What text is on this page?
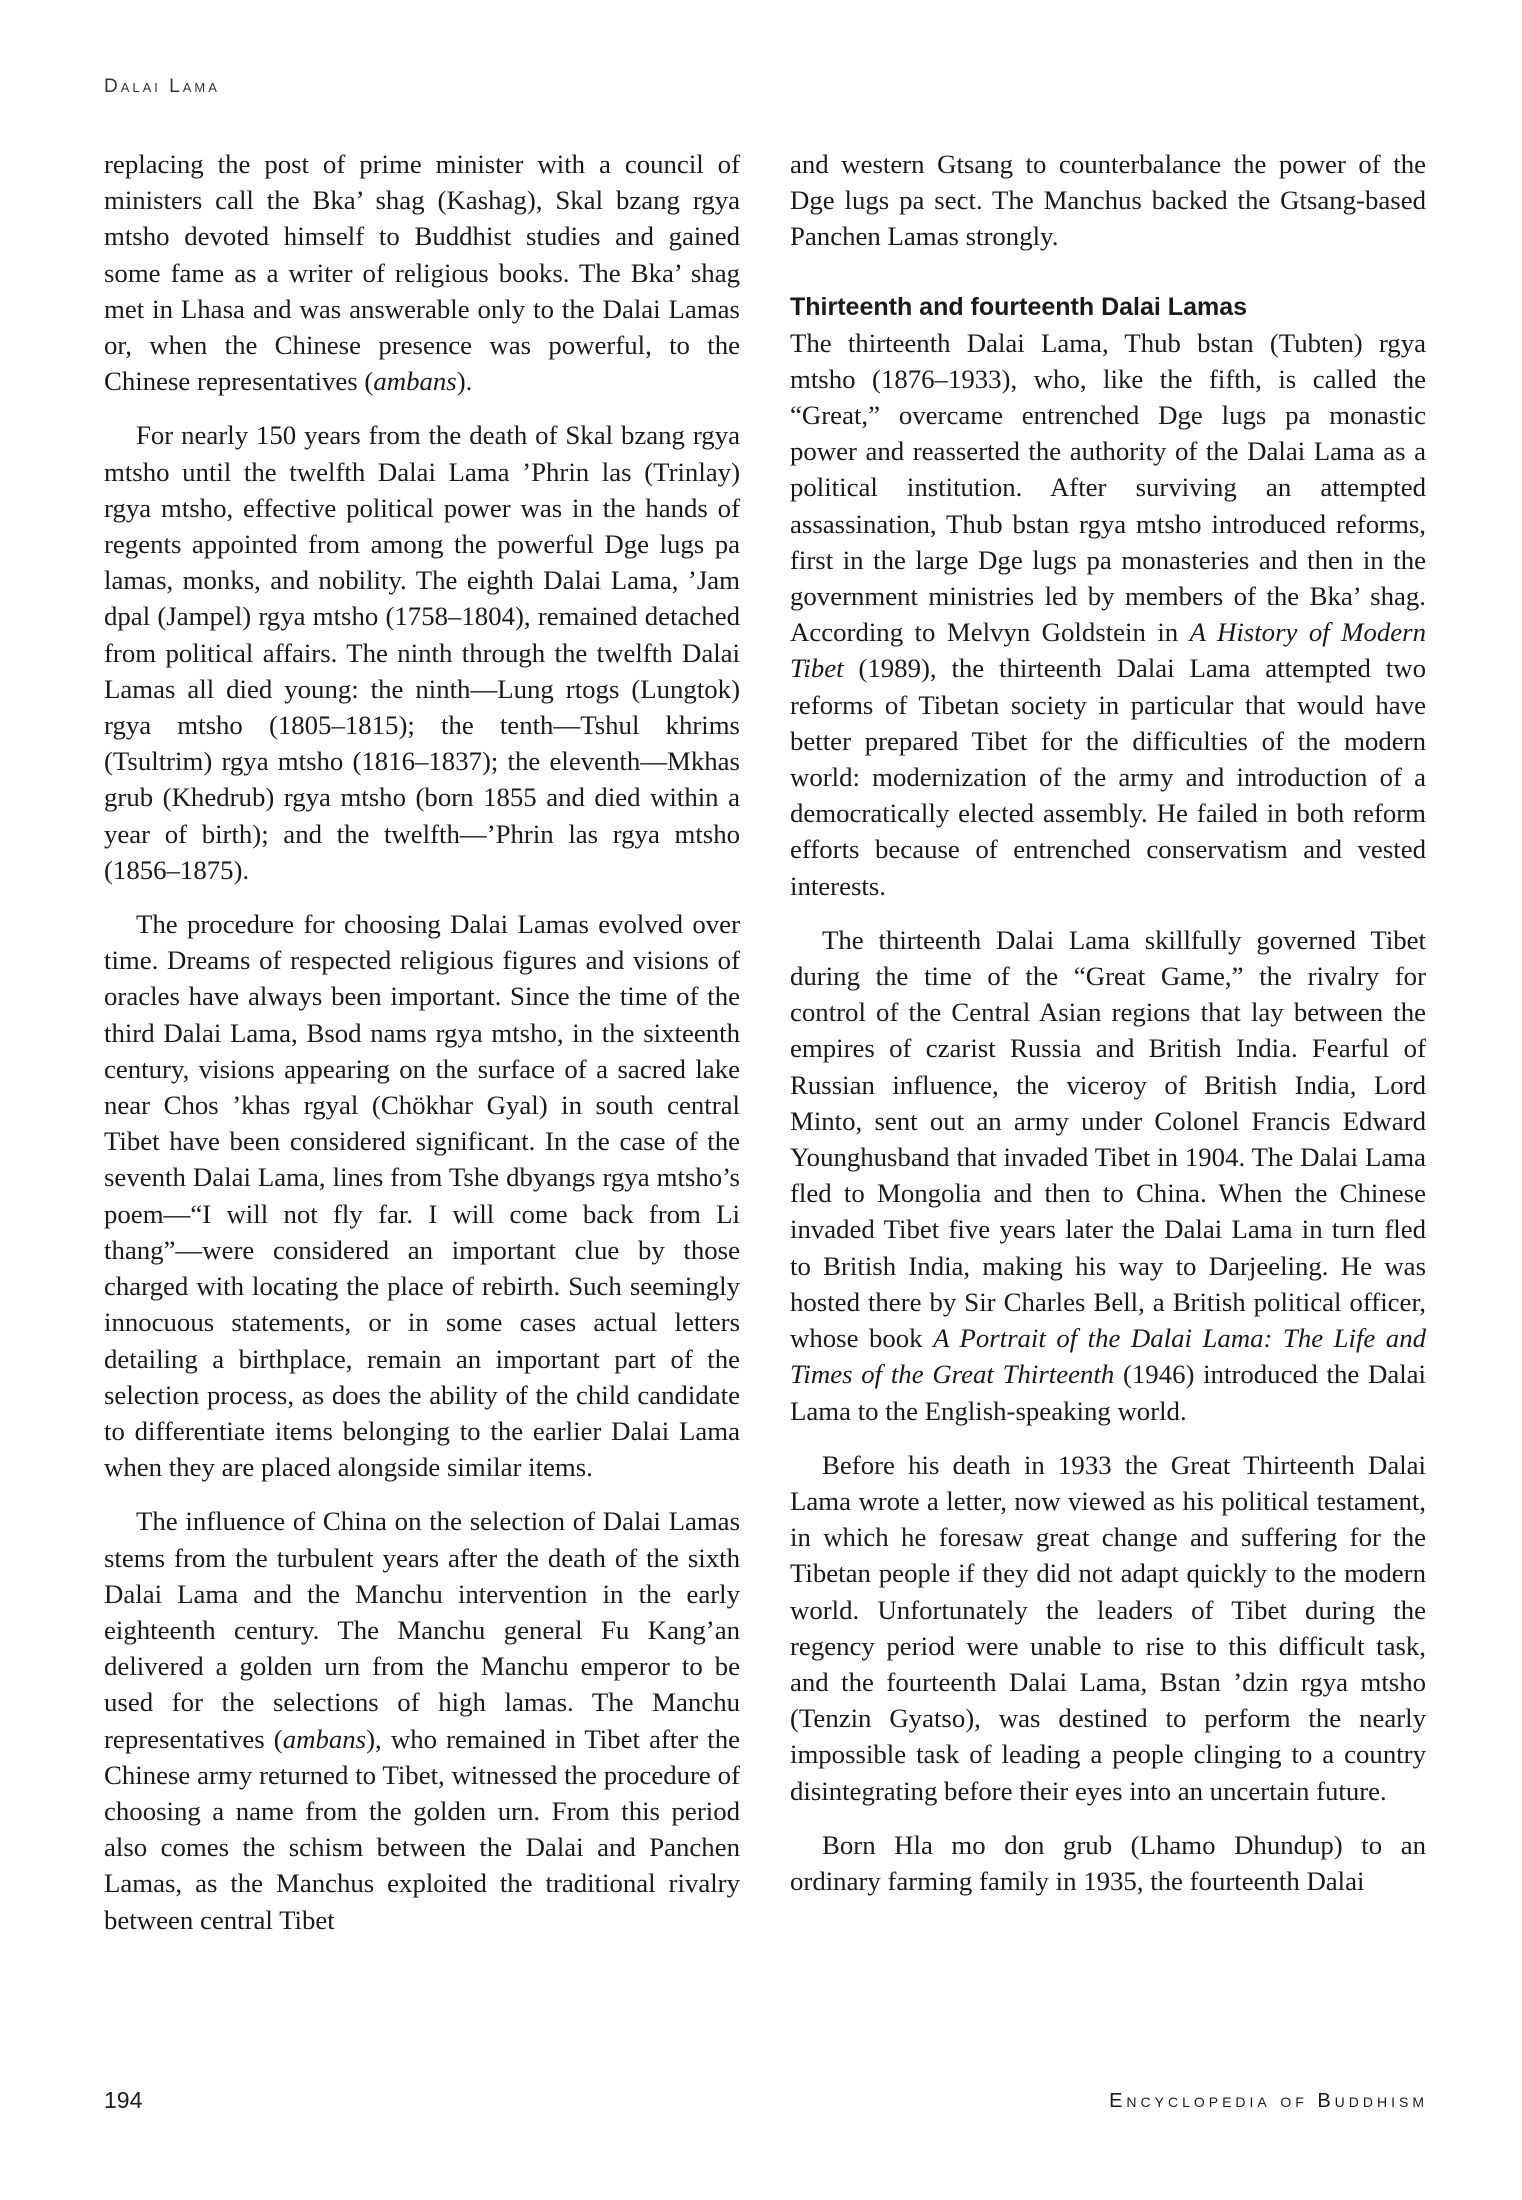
Dalai Lama

replacing the post of prime minister with a council of ministers call the Bka’ shag (Kashag), Skal bzang rgya mtsho devoted himself to Buddhist studies and gained some fame as a writer of religious books. The Bka’ shag met in Lhasa and was answerable only to the Dalai Lamas or, when the Chinese presence was powerful, to the Chinese representatives (ambans).

For nearly 150 years from the death of Skal bzang rgya mtsho until the twelfth Dalai Lama ’Phrin las (Trinlay) rgya mtsho, effective political power was in the hands of regents appointed from among the powerful Dge lugs pa lamas, monks, and nobility. The eighth Dalai Lama, ’Jam dpal (Jampel) rgya mtsho (1758–1804), remained detached from political affairs. The ninth through the twelfth Dalai Lamas all died young: the ninth—Lung rtogs (Lungtok) rgya mtsho (1805–1815); the tenth—Tshul khrims (Tsultrim) rgya mtsho (1816–1837); the eleventh—Mkhas grub (Khedrub) rgya mtsho (born 1855 and died within a year of birth); and the twelfth—’Phrin las rgya mtsho (1856–1875).

The procedure for choosing Dalai Lamas evolved over time. Dreams of respected religious figures and visions of oracles have always been important. Since the time of the third Dalai Lama, Bsod nams rgya mtsho, in the sixteenth century, visions appearing on the surface of a sacred lake near Chos ’khas rgyal (Chökhar Gyal) in south central Tibet have been considered significant. In the case of the seventh Dalai Lama, lines from Tshe dbyangs rgya mtsho’s poem—“I will not fly far. I will come back from Li thang”—were considered an important clue by those charged with locating the place of rebirth. Such seemingly innocuous statements, or in some cases actual letters detailing a birthplace, remain an important part of the selection process, as does the ability of the child candidate to differentiate items belonging to the earlier Dalai Lama when they are placed alongside similar items.

The influence of China on the selection of Dalai Lamas stems from the turbulent years after the death of the sixth Dalai Lama and the Manchu intervention in the early eighteenth century. The Manchu general Fu Kang’an delivered a golden urn from the Manchu emperor to be used for the selections of high lamas. The Manchu representatives (ambans), who remained in Tibet after the Chinese army returned to Tibet, witnessed the procedure of choosing a name from the golden urn. From this period also comes the schism between the Dalai and Panchen Lamas, as the Manchus exploited the traditional rivalry between central Tibet

and western Gtsang to counterbalance the power of the Dge lugs pa sect. The Manchus backed the Gtsang-based Panchen Lamas strongly.

Thirteenth and fourteenth Dalai Lamas

The thirteenth Dalai Lama, Thub bstan (Tubten) rgya mtsho (1876–1933), who, like the fifth, is called the “Great,” overcame entrenched Dge lugs pa monastic power and reasserted the authority of the Dalai Lama as a political institution. After surviving an attempted assassination, Thub bstan rgya mtsho introduced reforms, first in the large Dge lugs pa monasteries and then in the government ministries led by members of the Bka’ shag. According to Melvyn Goldstein in A History of Modern Tibet (1989), the thirteenth Dalai Lama attempted two reforms of Tibetan society in particular that would have better prepared Tibet for the difficulties of the modern world: modernization of the army and introduction of a democratically elected assembly. He failed in both reform efforts because of entrenched conservatism and vested interests.

The thirteenth Dalai Lama skillfully governed Tibet during the time of the “Great Game,” the rivalry for control of the Central Asian regions that lay between the empires of czarist Russia and British India. Fearful of Russian influence, the viceroy of British India, Lord Minto, sent out an army under Colonel Francis Edward Younghusband that invaded Tibet in 1904. The Dalai Lama fled to Mongolia and then to China. When the Chinese invaded Tibet five years later the Dalai Lama in turn fled to British India, making his way to Darjeeling. He was hosted there by Sir Charles Bell, a British political officer, whose book A Portrait of the Dalai Lama: The Life and Times of the Great Thirteenth (1946) introduced the Dalai Lama to the English-speaking world.

Before his death in 1933 the Great Thirteenth Dalai Lama wrote a letter, now viewed as his political testament, in which he foresaw great change and suffering for the Tibetan people if they did not adapt quickly to the modern world. Unfortunately the leaders of Tibet during the regency period were unable to rise to this difficult task, and the fourteenth Dalai Lama, Bstan ’dzin rgya mtsho (Tenzin Gyatso), was destined to perform the nearly impossible task of leading a people clinging to a country disintegrating before their eyes into an uncertain future.

Born Hla mo don grub (Lhamo Dhundup) to an ordinary farming family in 1935, the fourteenth Dalai

194	Encyclopedia of Buddhism
